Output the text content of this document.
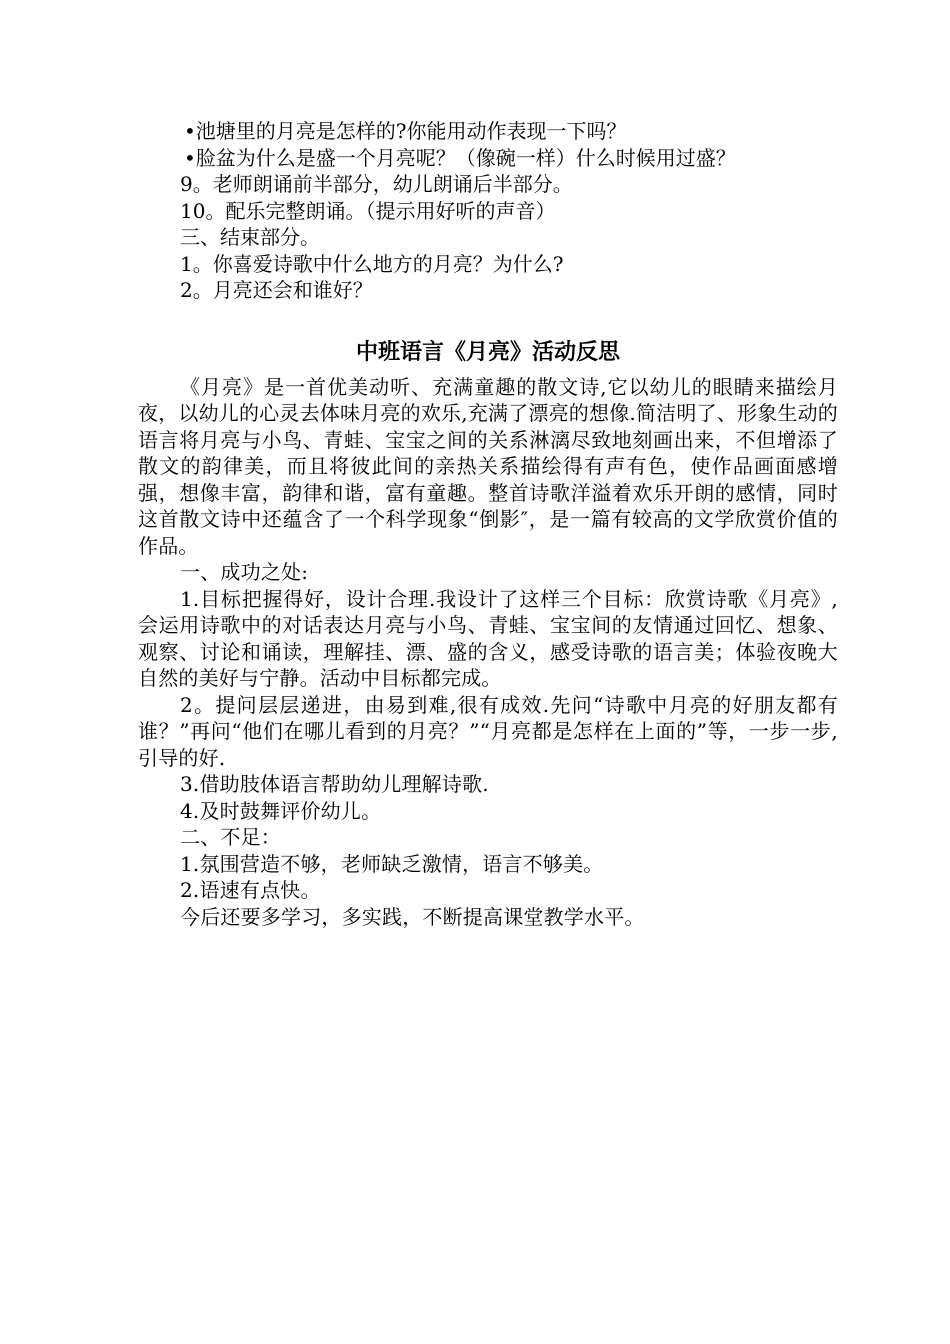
•池塘里的月亮是怎样的?你能用动作表现一下吗？

•脸盆为什么是盛一个月亮呢？（像碗一样）什么时候用过盛？

9。老师朗诵前半部分，幼儿朗诵后半部分。

10。配乐完整朗诵。（提示用好听的声音）

三、结束部分。

1。你喜爱诗歌中什么地方的月亮？为什么?

2。月亮还会和谁好？

中班语言《月亮》活动反思

《月亮》是一首优美动听、充满童趣的散文诗,它以幼儿的眼睛来描绘月夜，以幼儿的心灵去体味月亮的欢乐,充满了漂亮的想像.简洁明了、形象生动的语言将月亮与小鸟、青蛙、宝宝之间的关系淋漓尽致地刻画出来，不但增添了散文的韵律美，而且将彼此间的亲热关系描绘得有声有色，使作品画面感增强，想像丰富，韵律和谐，富有童趣。整首诗歌洋溢着欢乐开朗的感情，同时这首散文诗中还蕴含了一个科学现象“倒影″，是一篇有较高的文学欣赏价值的作品。

一、成功之处:

1.目标把握得好，设计合理.我设计了这样三个目标：欣赏诗歌《月亮》,会运用诗歌中的对话表达月亮与小鸟、青蛙、宝宝间的友情通过回忆、想象、观察、讨论和诵读，理解挂、漂、盛的含义，感受诗歌的语言美；体验夜晚大自然的美好与宁静。活动中目标都完成。

2。提问层层递进，由易到难,很有成效.先问“诗歌中月亮的好朋友都有谁？”再问“他们在哪儿看到的月亮？”“月亮都是怎样在上面的”等，一步一步,引导的好.

3.借助肢体语言帮助幼儿理解诗歌.

4.及时鼓舞评价幼儿。

二、不足：

1.氛围营造不够，老师缺乏激情，语言不够美。

2.语速有点快。

今后还要多学习，多实践，不断提高课堂教学水平。
